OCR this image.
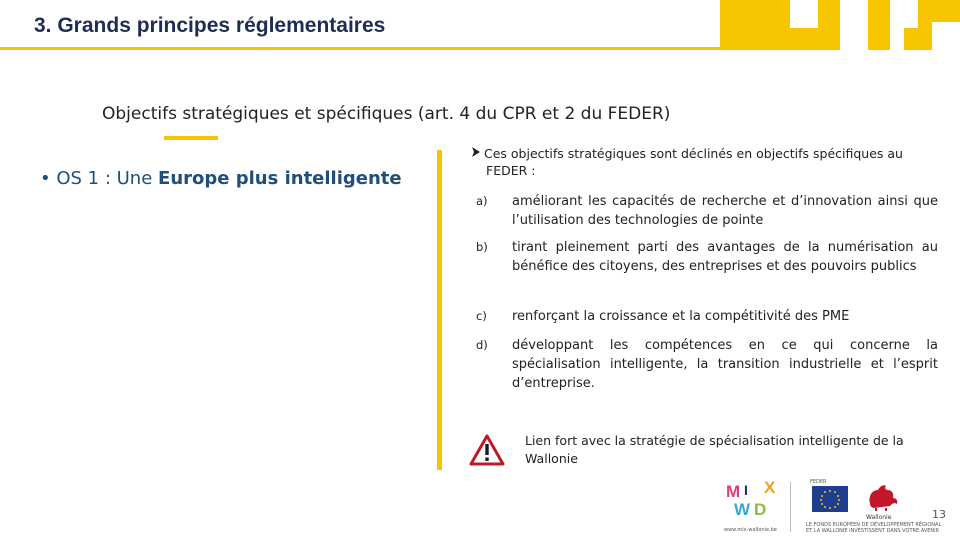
3. Grands principes réglementaires

Objectifs stratégiques et spécifiques (art. 4 du CPR et 2 du FEDER)

• OS 1 : Une Europe plus intelligente
Ces objectifs stratégiques sont déclinés en objectifs spécifiques au
FEDER :
a)	améliorant les capacités de recherche et d’innovation ainsi que l’utilisation des technologies de pointe
b)	tirant pleinement parti des avantages de la numérisation au bénéfice des citoyens, des entreprises et des pouvoirs publics
c)	renforçant la croissance et la compétitivité des PME
d)	développant les compétences en ce qui concerne la spécialisation intelligente, la transition industrielle et l’esprit d’entreprise.
Lien fort avec la stratégie de spécialisation intelligente de la Wallonie
M X
I
W D
www.mix-wallonie.be
FEDER
Wallonie
LE FONDS EUROPÉEN DE DÉVELOPPEMENT RÉGIONAL
ET LA WALLONIE INVESTISSENT DANS VOTRE AVENIR
13
